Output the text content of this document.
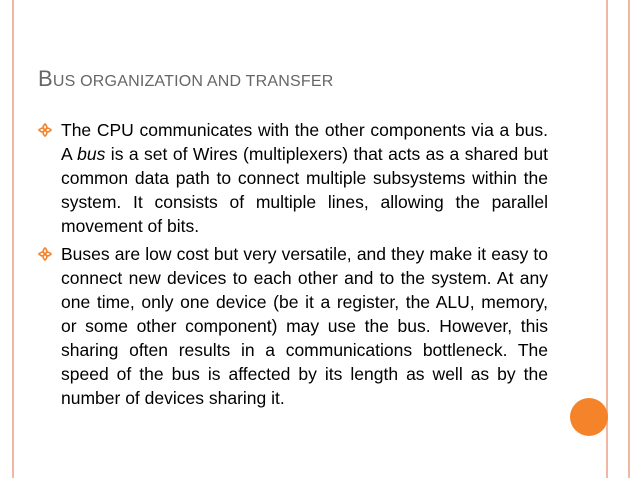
BUS ORGANIZATION AND TRANSFER
The CPU communicates with the other components via a bus. A bus is a set of Wires (multiplexers) that acts as a shared but common data path to connect multiple subsystems within the system. It consists of multiple lines, allowing the parallel movement of bits.
Buses are low cost but very versatile, and they make it easy to connect new devices to each other and to the system. At any one time, only one device (be it a register, the ALU, memory, or some other component) may use the bus. However, this sharing often results in a communications bottleneck. The speed of the bus is affected by its length as well as by the number of devices sharing it.
